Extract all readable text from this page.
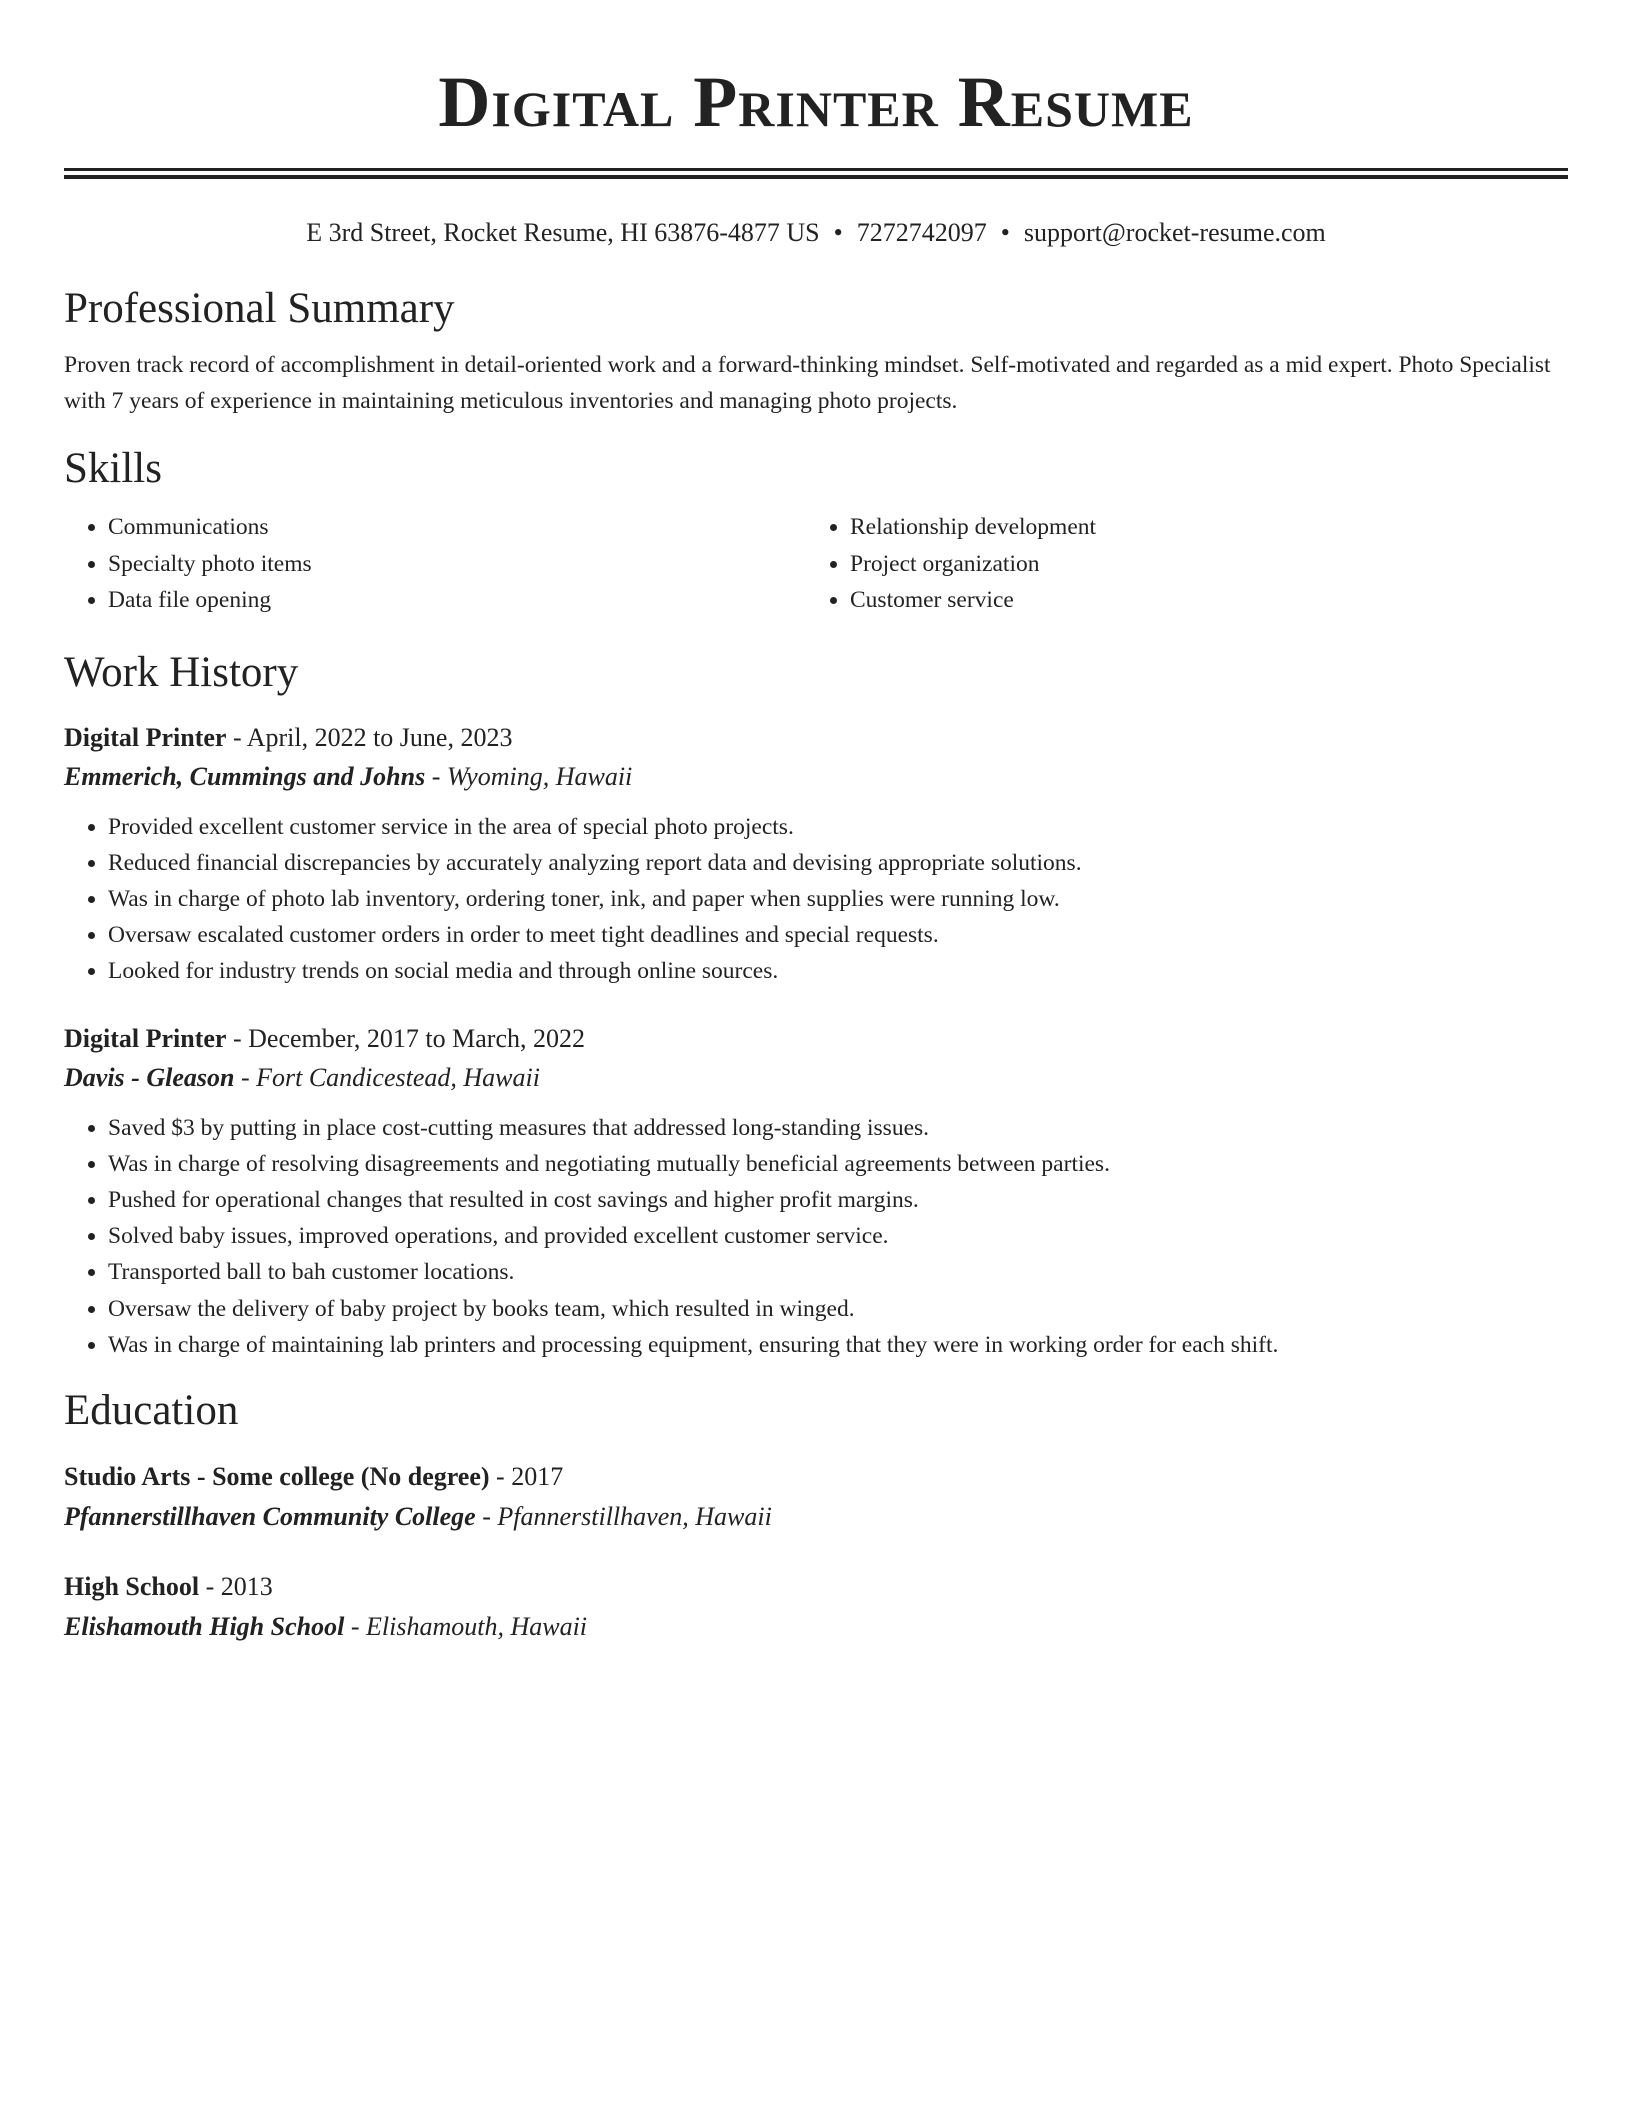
Digital Printer Resume
E 3rd Street, Rocket Resume, HI 63876-4877 US • 7272742097 • support@rocket-resume.com
Professional Summary

Proven track record of accomplishment in detail-oriented work and a forward-thinking mindset. Self-motivated and regarded as a mid expert. Photo Specialist with 7 years of experience in maintaining meticulous inventories and managing photo projects.

Skills
• Communications
• Specialty photo items
• Data file opening
• Relationship development
• Project organization
• Customer service
Work History
Digital Printer - April, 2022 to June, 2023
Emmerich, Cummings and Johns - Wyoming, Hawaii
• Provided excellent customer service in the area of special photo projects.
• Reduced financial discrepancies by accurately analyzing report data and devising appropriate solutions.
• Was in charge of photo lab inventory, ordering toner, ink, and paper when supplies were running low.
• Oversaw escalated customer orders in order to meet tight deadlines and special requests.
• Looked for industry trends on social media and through online sources.
Digital Printer - December, 2017 to March, 2022
Davis - Gleason - Fort Candicestead, Hawaii
• Saved $3 by putting in place cost-cutting measures that addressed long-standing issues.
• Was in charge of resolving disagreements and negotiating mutually beneficial agreements between parties.
• Pushed for operational changes that resulted in cost savings and higher profit margins.
• Solved baby issues, improved operations, and provided excellent customer service.
• Transported ball to bah customer locations.
• Oversaw the delivery of baby project by books team, which resulted in winged.
• Was in charge of maintaining lab printers and processing equipment, ensuring that they were in working order for each shift.
Education
Studio Arts - Some college (No degree) - 2017
Pfannerstillhaven Community College - Pfannerstillhaven, Hawaii
High School - 2013
Elishamouth High School - Elishamouth, Hawaii
